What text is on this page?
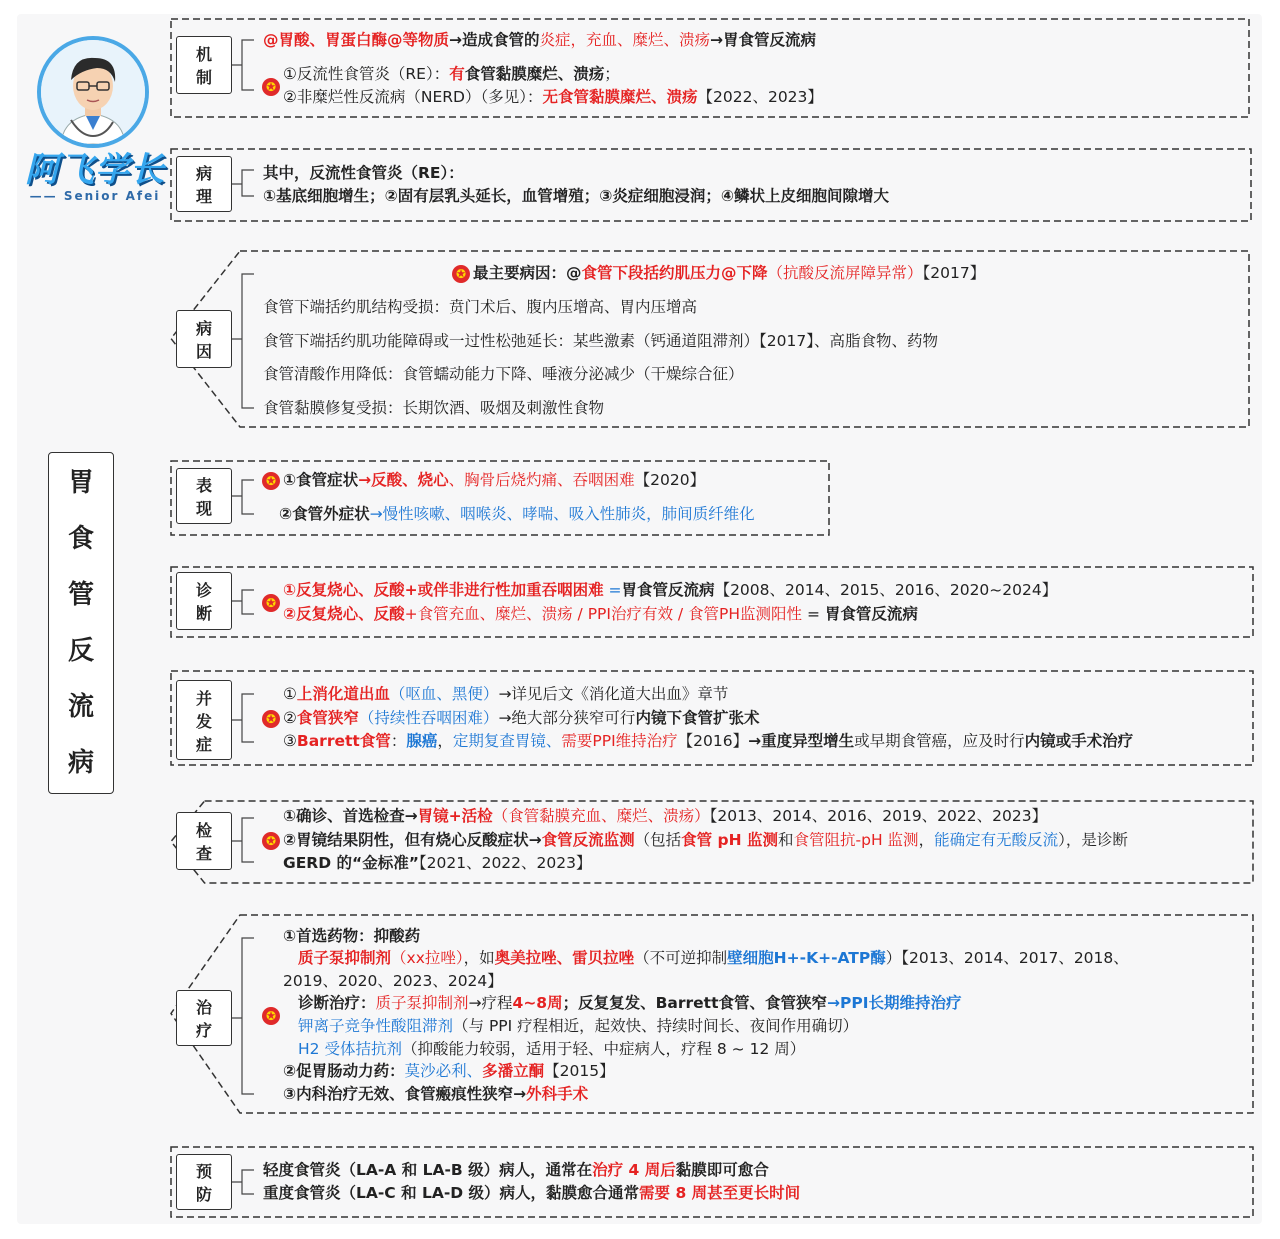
阿飞学长
—— Senior Afei
胃
食
管
反
流
病
机
制	✪
@胃酸、胃蛋白酶@等物质→造成食管的炎症，充血、糜烂、溃疡→胃食管反流病
①反流性食管炎（RE）：有食管黏膜糜烂、溃疡；
②非糜烂性反流病（NERD）（多见）：无食管黏膜糜烂、溃疡【2022、2023】
病
理
其中，反流性食管炎（RE）：
①基底细胞增生；②固有层乳头延长，血管增殖；③炎症细胞浸润；④鳞状上皮细胞间隙增大
病
因
✪ 最主要病因：@食管下段括约肌压力@下降（抗酸反流屏障异常）【2017】
食管下端括约肌结构受损：贲门术后、腹内压增高、胃内压增高
食管下端括约肌功能障碍或一过性松弛延长：某些激素（钙通道阻滞剂）【2017】、高脂食物、药物
食管清酸作用降低：食管蠕动能力下降、唾液分泌减少（干燥综合征）
食管黏膜修复受损：长期饮酒、吸烟及刺激性食物
表
现
✪ ①食管症状→反酸、烧心、胸骨后烧灼痛、吞咽困难【2020】
②食管外症状→慢性咳嗽、咽喉炎、哮喘、吸入性肺炎，肺间质纤维化
诊
断
✪
①反复烧心、反酸+或伴非进行性加重吞咽困难 =胃食管反流病【2008、2014、2015、2016、2020~2024】
②反复烧心、反酸+食管充血、糜烂、溃疡 / PPI治疗有效 / 食管PH监测阳性 = 胃食管反流病
并
发
症
✪
①上消化道出血（呕血、黑便）→详见后文《消化道大出血》章节
②食管狭窄（持续性吞咽困难）→绝大部分狭窄可行内镜下食管扩张术
③Barrett食管：腺癌，定期复查胃镜、需要PPI维持治疗【2016】→重度异型增生或早期食管癌，应及时行内镜或手术治疗
检
查
✪
①确诊、首选检查→胃镜+活检（食管黏膜充血、糜烂、溃疡）【2013、2014、2016、2019、2022、2023】
②胃镜结果阴性，但有烧心反酸症状→食管反流监测（包括食管 pH 监测和食管阻抗-pH 监测，能确定有无酸反流），是诊断
GERD 的“金标准”【2021、2022、2023】
治
疗
✪
①首选药物：抑酸药
质子泵抑制剂（xx拉唑），如奥美拉唑、雷贝拉唑（不可逆抑制壁细胞H+-K+-ATP酶）【2013、2014、2017、2018、
2019、2020、2023、2024】
诊断治疗：质子泵抑制剂→疗程4~8周；反复复发、Barrett食管、食管狭窄→PPI长期维持治疗
钾离子竞争性酸阻滞剂（与 PPI 疗程相近，起效快、持续时间长、夜间作用确切）
H2 受体拮抗剂（抑酸能力较弱，适用于轻、中症病人，疗程 8 ~ 12 周）
②促胃肠动力药：莫沙必利、多潘立酮【2015】
③内科治疗无效、食管瘢痕性狭窄→外科手术
预
防
轻度食管炎（LA-A 和 LA-B 级）病人，通常在治疗 4 周后黏膜即可愈合
重度食管炎（LA-C 和 LA-D 级）病人，黏膜愈合通常需要 8 周甚至更长时间
